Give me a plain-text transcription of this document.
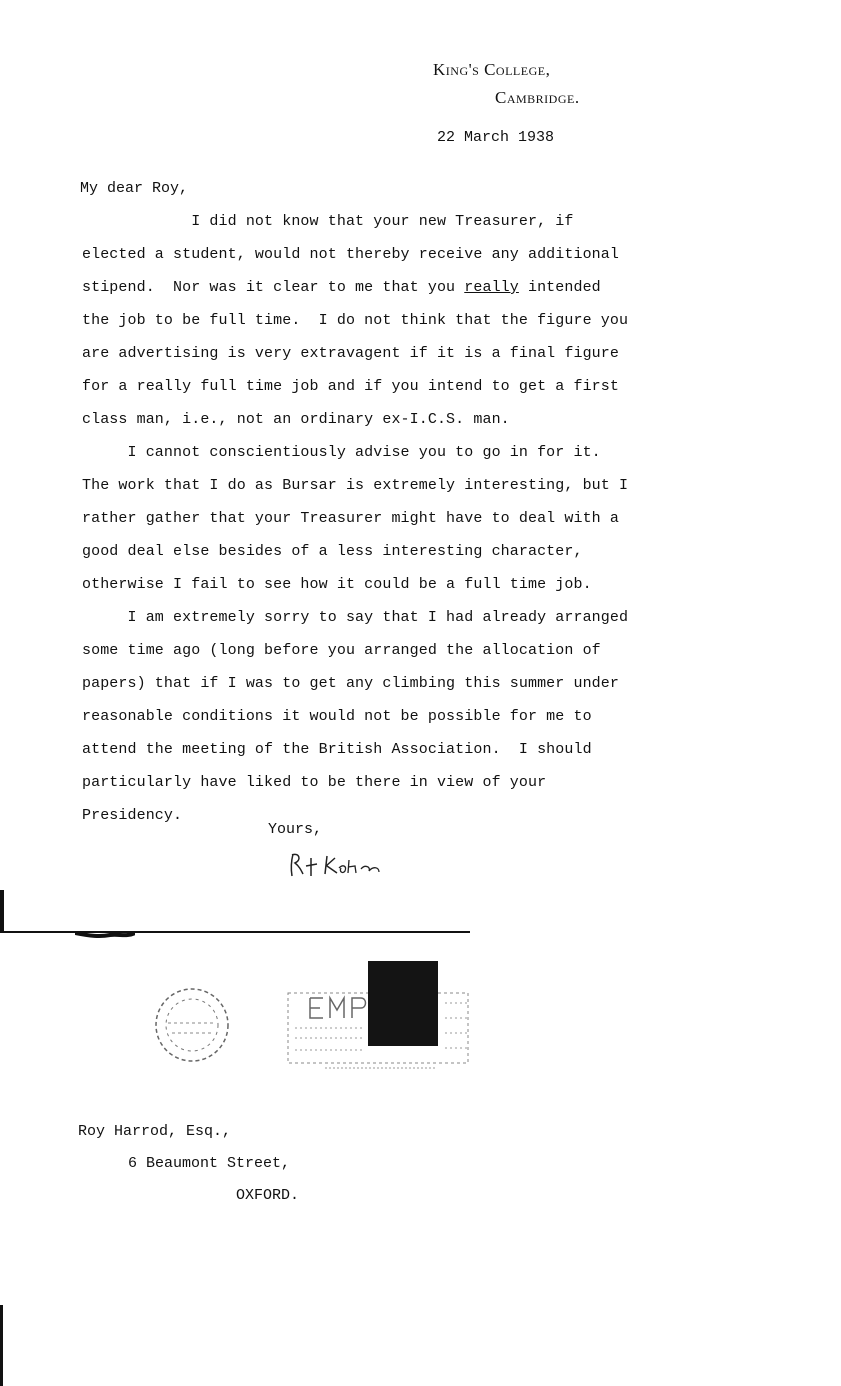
King's College,
Cambridge.
22 March 1938
My dear Roy,
I did not know that your new Treasurer, if
elected a student, would not thereby receive any additional
stipend.  Nor was it clear to me that you really intended
the job to be full time.  I do not think that the figure you
are advertising is very extravagent if it is a final figure
for a really full time job and if you intend to get a first
class man, i.e., not an ordinary ex-I.C.S. man.
I cannot conscientiously advise you to go in for it.
The work that I do as Bursar is extremely interesting, but I
rather gather that your Treasurer might have to deal with a
good deal else besides of a less interesting character,
otherwise I fail to see how it could be a full time job.
I am extremely sorry to say that I had already arranged
some time ago (long before you arranged the allocation of
papers) that if I was to get any climbing this summer under
reasonable conditions it would not be possible for me to
attend the meeting of the British Association.  I should
particularly have liked to be there in view of your
Presidency.
Yours,
Roy Harrod, Esq.,
6 Beaumont Street,
OXFORD.
